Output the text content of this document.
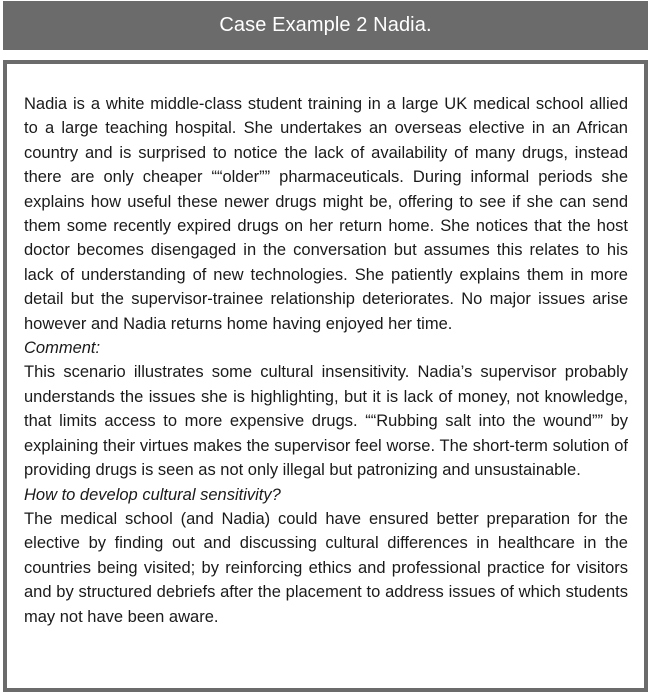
Case Example 2 Nadia.

Nadia is a white middle-class student training in a large UK medical school allied to a large teaching hospital. She undertakes an overseas elective in an African country and is surprised to notice the lack of availability of many drugs, instead there are only cheaper ““older”” pharmaceuticals. During informal periods she explains how useful these newer drugs might be, offering to see if she can send them some recently expired drugs on her return home. She notices that the host doctor becomes disengaged in the conversation but assumes this relates to his lack of understanding of new technologies. She patiently explains them in more detail but the supervisor-trainee relationship deteriorates. No major issues arise however and Nadia returns home having enjoyed her time.

Comment:

This scenario illustrates some cultural insensitivity. Nadia’s supervisor probably understands the issues she is highlighting, but it is lack of money, not knowledge, that limits access to more expensive drugs. ““Rubbing salt into the wound”” by explaining their virtues makes the supervisor feel worse. The short-term solution of providing drugs is seen as not only illegal but patronizing and unsustainable.

How to develop cultural sensitivity?

The medical school (and Nadia) could have ensured better preparation for the elective by finding out and discussing cultural differences in healthcare in the countries being visited; by reinforcing ethics and professional practice for visitors and by structured debriefs after the placement to address issues of which students may not have been aware.
